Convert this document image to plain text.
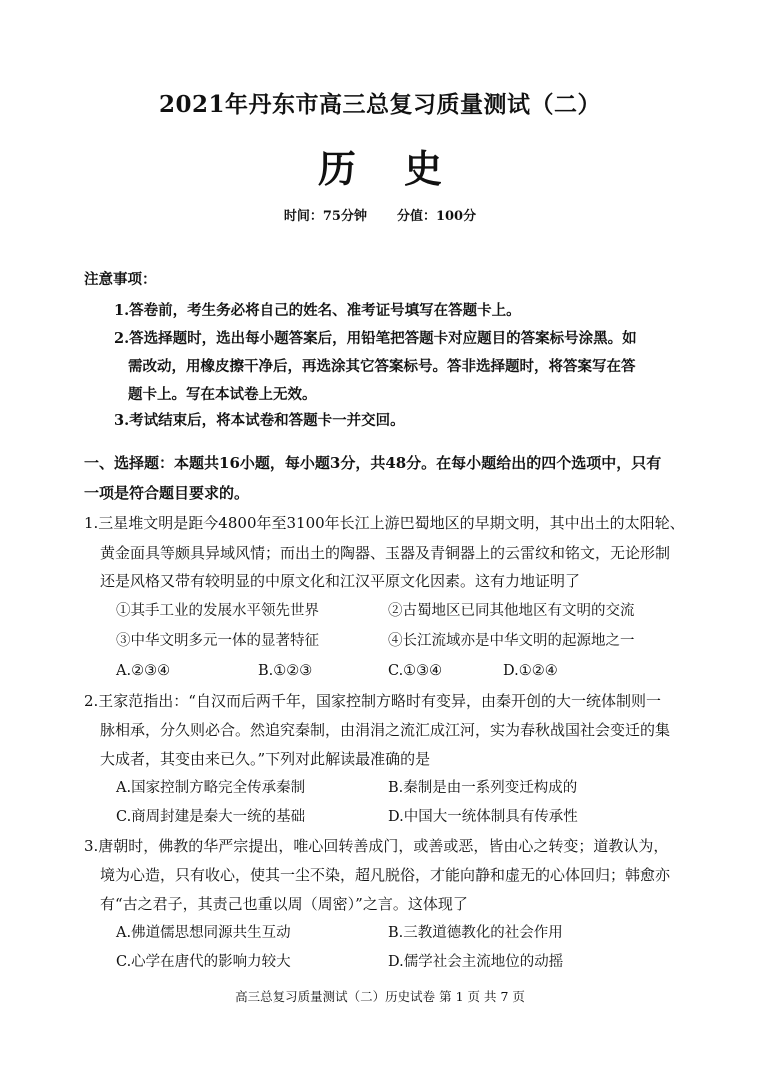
2021年丹东市高三总复习质量测试（二）
历 史
时间：75分钟 分值：100分
注意事项：
1.答卷前，考生务必将自己的姓名、准考证号填写在答题卡上。
2.答选择题时，选出每小题答案后，用铅笔把答题卡对应题目的答案标号涂黑。如
需改动，用橡皮擦干净后，再选涂其它答案标号。答非选择题时，将答案写在答
题卡上。写在本试卷上无效。
3.考试结束后，将本试卷和答题卡一并交回。
一、选择题：本题共16小题，每小题3分，共48分。在每小题给出的四个选项中，只有
一项是符合题目要求的。
1.三星堆文明是距今4800年至3100年长江上游巴蜀地区的早期文明，其中出土的太阳轮、
黄金面具等颇具异域风情；而出土的陶器、玉器及青铜器上的云雷纹和铭文，无论形制
还是风格又带有较明显的中原文化和江汉平原文化因素。这有力地证明了
①其手工业的发展水平领先世界	②古蜀地区已同其他地区有文明的交流
③中华文明多元一体的显著特征	④长江流域亦是中华文明的起源地之一
A.②③④	B.①②③	C.①③④	D.①②④
2.王家范指出：“自汉而后两千年，国家控制方略时有变异，由秦开创的大一统体制则一
脉相承，分久则必合。然追究秦制，由涓涓之流汇成江河，实为春秋战国社会变迁的集
大成者，其变由来已久。”下列对此解读最准确的是
A.国家控制方略完全传承秦制	B.秦制是由一系列变迁构成的
C.商周封建是秦大一统的基础	D.中国大一统体制具有传承性
3.唐朝时，佛教的华严宗提出，唯心回转善成门，或善或恶，皆由心之转变；道教认为，
境为心造，只有收心，使其一尘不染，超凡脱俗，才能向静和虚无的心体回归；韩愈亦
有“古之君子，其责己也重以周（周密）”之言。这体现了
A.佛道儒思想同源共生互动	B.三教道德教化的社会作用
C.心学在唐代的影响力较大	D.儒学社会主流地位的动摇
高三总复习质量测试（二）历史试卷 第 1 页 共 7 页
